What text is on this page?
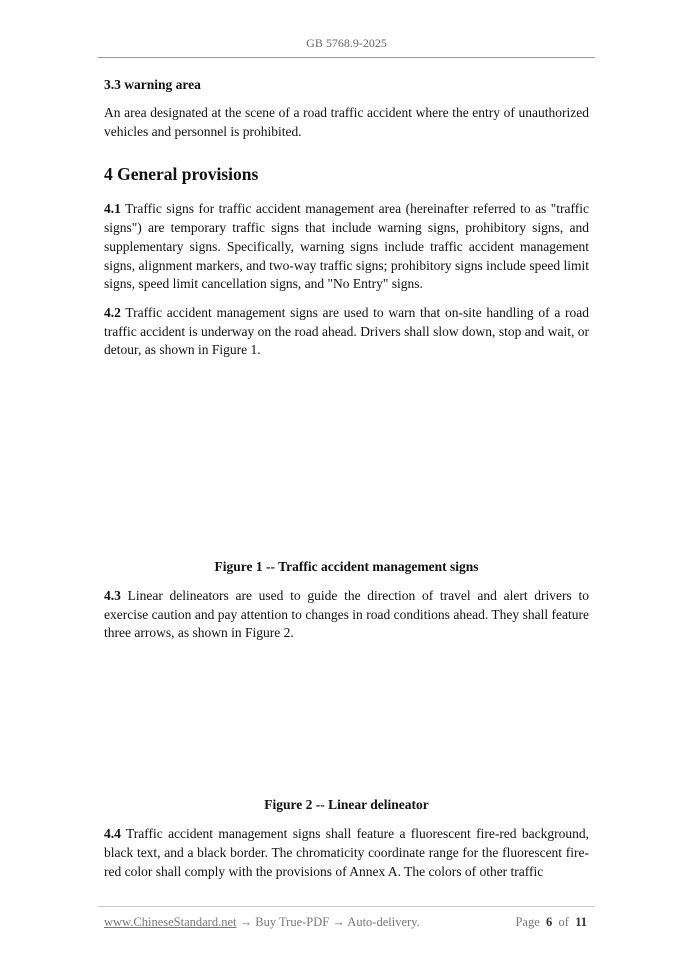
GB 5768.9-2025
3.3 warning area

An area designated at the scene of a road traffic accident where the entry of unauthorized vehicles and personnel is prohibited.

4 General provisions

4.1 Traffic signs for traffic accident management area (hereinafter referred to as "traffic signs") are temporary traffic signs that include warning signs, prohibitory signs, and supplementary signs. Specifically, warning signs include traffic accident management signs, alignment markers, and two-way traffic signs; prohibitory signs include speed limit signs, speed limit cancellation signs, and "No Entry" signs.

4.2 Traffic accident management signs are used to warn that on-site handling of a road traffic accident is underway on the road ahead. Drivers shall slow down, stop and wait, or detour, as shown in Figure 1.

Figure 1 -- Traffic accident management signs

4.3 Linear delineators are used to guide the direction of travel and alert drivers to exercise caution and pay attention to changes in road conditions ahead. They shall feature three arrows, as shown in Figure 2.

Figure 2 -- Linear delineator

4.4 Traffic accident management signs shall feature a fluorescent fire-red background, black text, and a black border. The chromaticity coordinate range for the fluorescent fire-red color shall comply with the provisions of Annex A. The colors of other traffic

www.ChineseStandard.net → Buy True-PDF → Auto-delivery.	Page 6 of 11
